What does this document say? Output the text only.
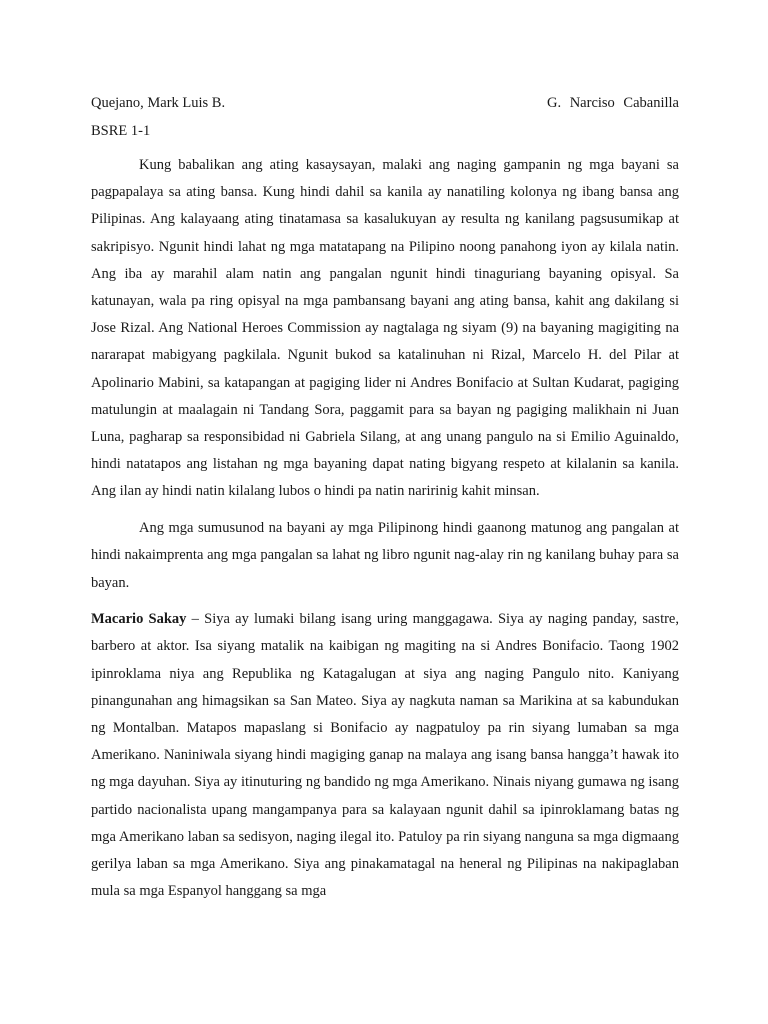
Quejano, Mark Luis B.	G. Narciso Cabanilla
BSRE 1-1

Kung babalikan ang ating kasaysayan, malaki ang naging gampanin ng mga bayani sa pagpapalaya sa ating bansa. Kung hindi dahil sa kanila ay nanatiling kolonya ng ibang bansa ang Pilipinas. Ang kalayaang ating tinatamasa sa kasalukuyan ay resulta ng kanilang pagsusumikap at sakripisyo. Ngunit hindi lahat ng mga matatapang na Pilipino noong panahong iyon ay kilala natin. Ang iba ay marahil alam natin ang pangalan ngunit hindi tinaguriang bayaning opisyal. Sa katunayan, wala pa ring opisyal na mga pambansang bayani ang ating bansa, kahit ang dakilang si Jose Rizal. Ang National Heroes Commission ay nagtalaga ng siyam (9) na bayaning magigiting na nararapat mabigyang pagkilala. Ngunit bukod sa katalinuhan ni Rizal, Marcelo H. del Pilar at Apolinario Mabini, sa katapangan at pagiging lider ni Andres Bonifacio at Sultan Kudarat, pagiging matulungin at maalagain ni Tandang Sora, paggamit para sa bayan ng pagiging malikhain ni Juan Luna, pagharap sa responsibidad ni Gabriela Silang, at ang unang pangulo na si Emilio Aguinaldo, hindi natatapos ang listahan ng mga bayaning dapat nating bigyang respeto at kilalanin sa kanila. Ang ilan ay hindi natin kilalang lubos o hindi pa natin naririnig kahit minsan.

Ang mga sumusunod na bayani ay mga Pilipinong hindi gaanong matunog ang pangalan at hindi nakaimprenta ang mga pangalan sa lahat ng libro ngunit nag-alay rin ng kanilang buhay para sa bayan.

Macario Sakay – Siya ay lumaki bilang isang uring manggagawa. Siya ay naging panday, sastre, barbero at aktor. Isa siyang matalik na kaibigan ng magiting na si Andres Bonifacio. Taong 1902 ipinroklama niya ang Republika ng Katagalugan at siya ang naging Pangulo nito. Kaniyang pinangunahan ang himagsikan sa San Mateo. Siya ay nagkuta naman sa Marikina at sa kabundukan ng Montalban. Matapos mapaslang si Bonifacio ay nagpatuloy pa rin siyang lumaban sa mga Amerikano. Naniniwala siyang hindi magiging ganap na malaya ang isang bansa hangga’t hawak ito ng mga dayuhan. Siya ay itinuturing ng bandido ng mga Amerikano. Ninais niyang gumawa ng isang partido nacionalista upang mangampanya para sa kalayaan ngunit dahil sa ipinroklamang batas ng mga Amerikano laban sa sedisyon, naging ilegal ito. Patuloy pa rin siyang nanguna sa mga digmaang gerilya laban sa mga Amerikano. Siya ang pinakamatagal na heneral ng Pilipinas na nakipaglaban mula sa mga Espanyol hanggang sa mga
